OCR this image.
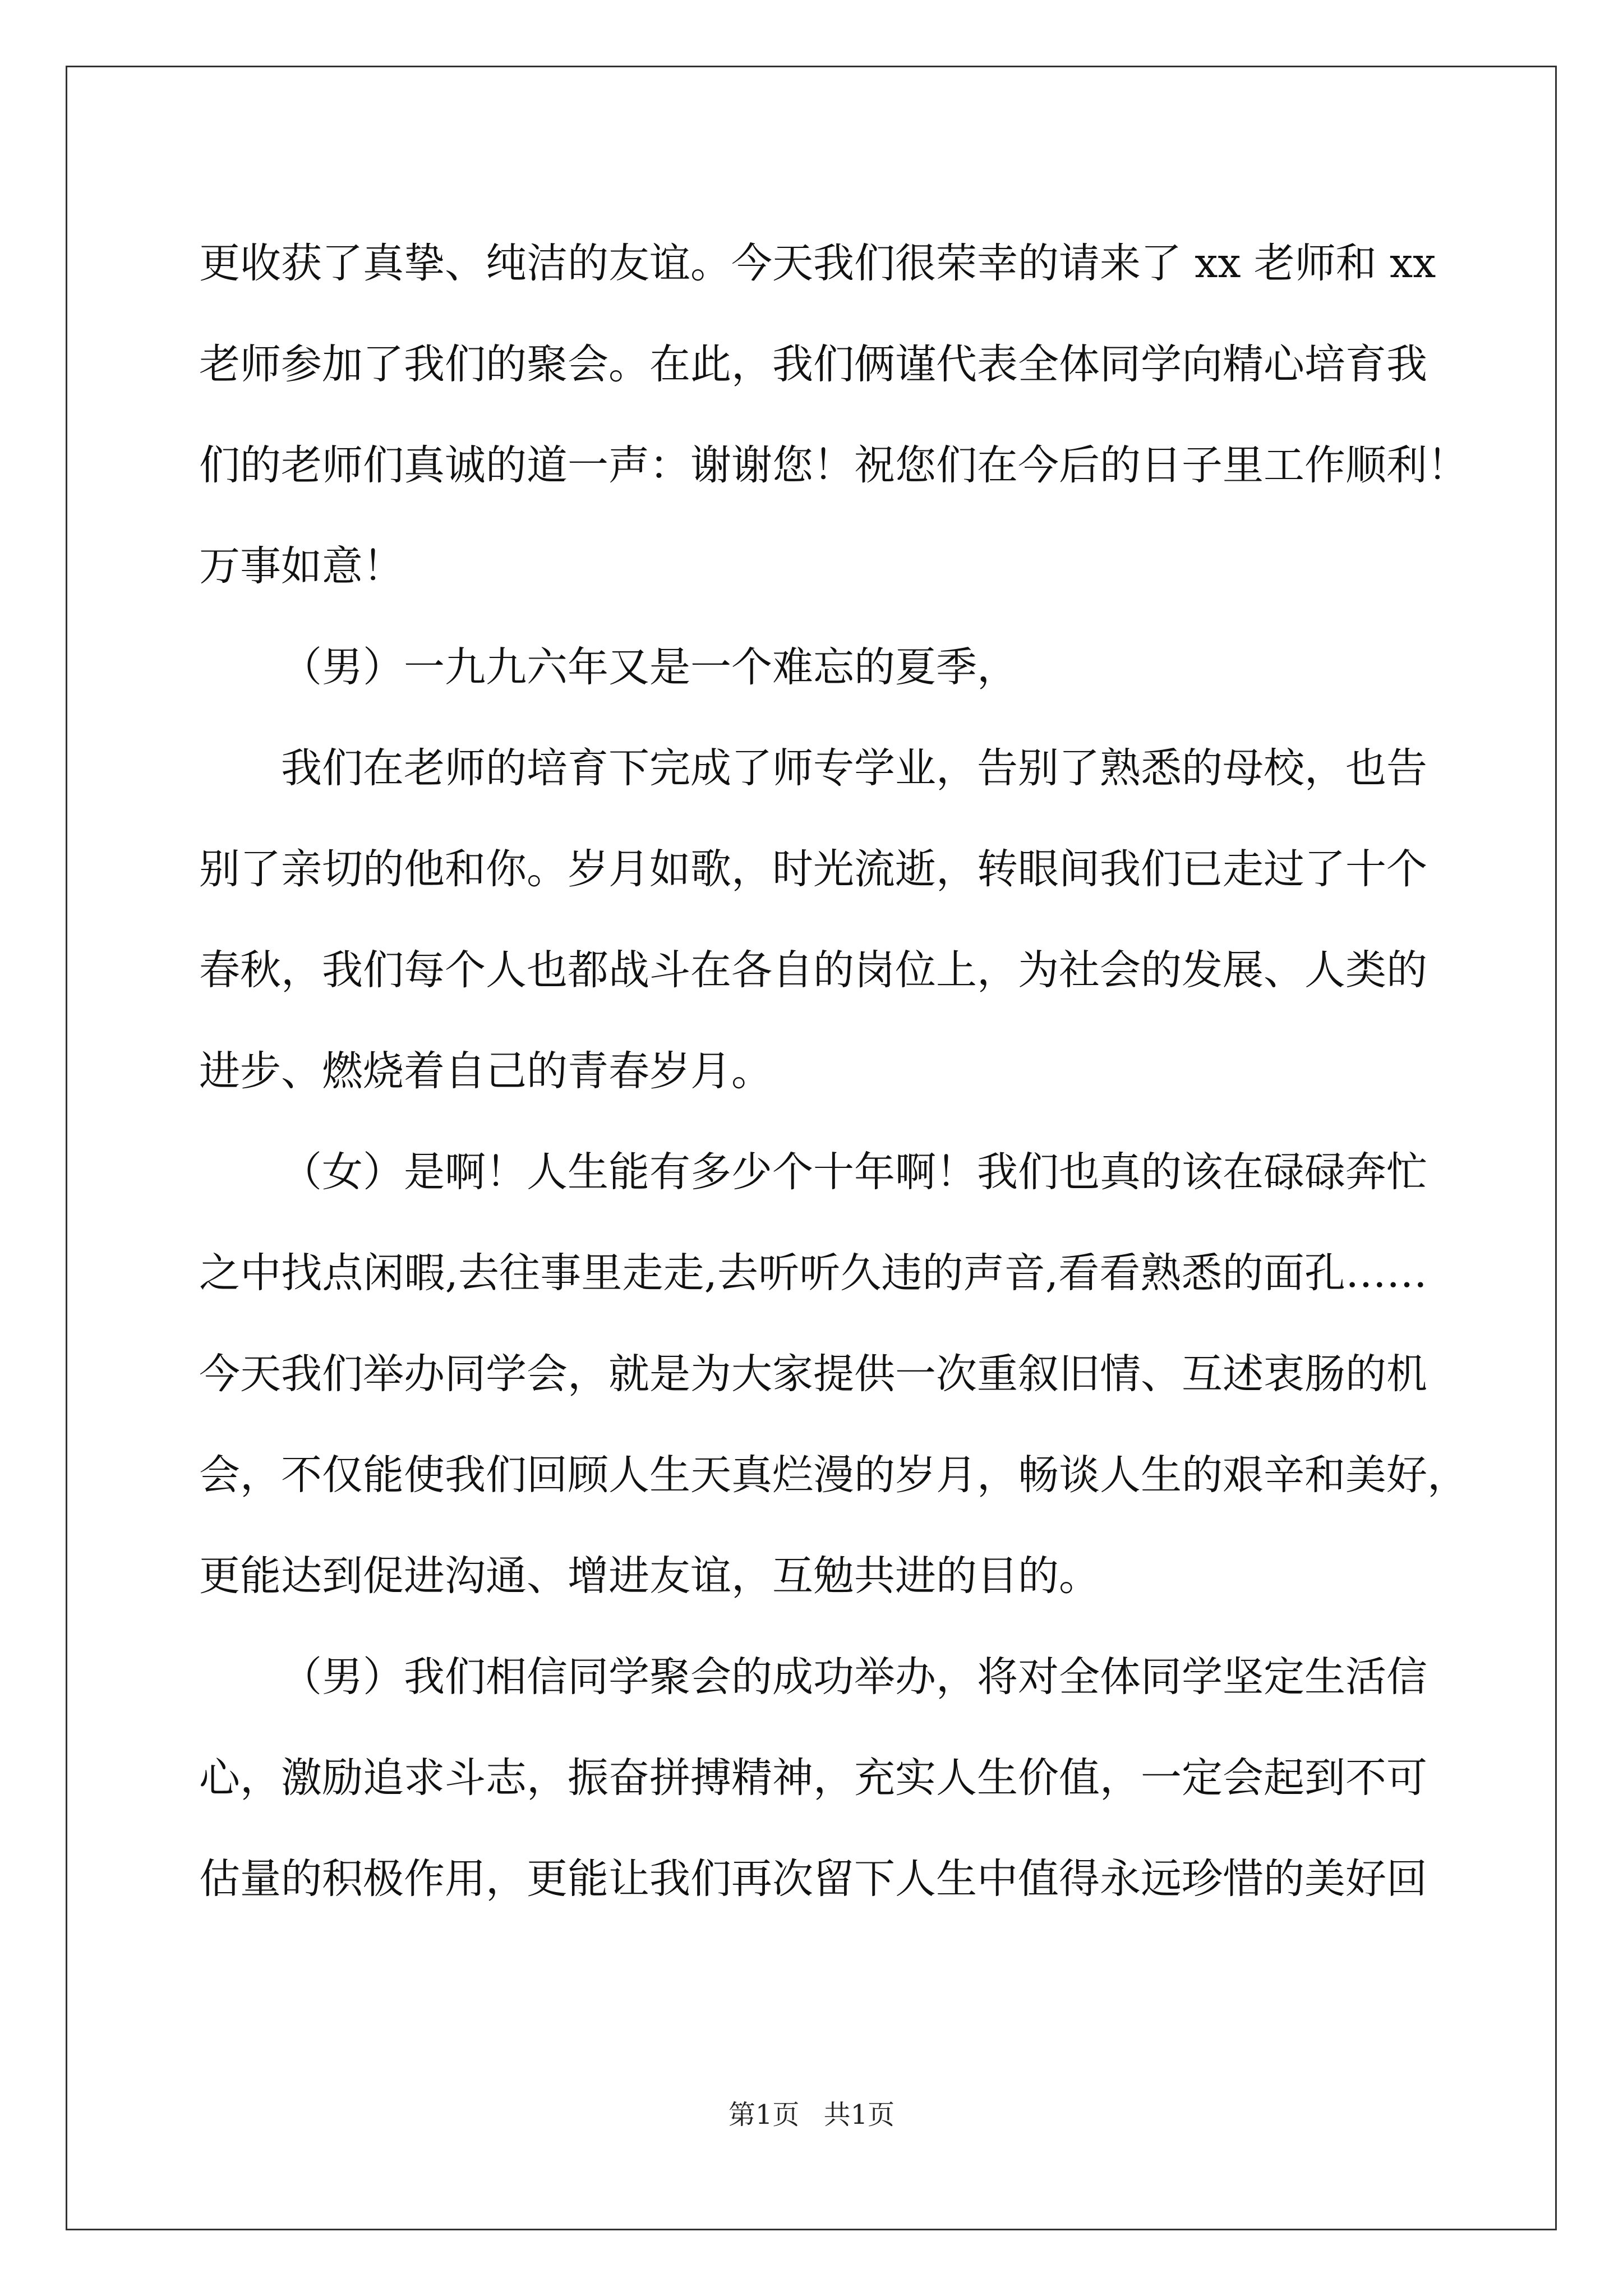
更收获了真挚、纯洁的友谊。今天我们很荣幸的请来了 xx 老师和 xx
老师参加了我们的聚会。在此，我们俩谨代表全体同学向精心培育我
们的老师们真诚的道一声：谢谢您！祝您们在今后的日子里工作顺利！
万事如意！
（男）一九九六年又是一个难忘的夏季，
我们在老师的培育下完成了师专学业，告别了熟悉的母校，也告
别了亲切的他和你。岁月如歌，时光流逝，转眼间我们已走过了十个
春秋，我们每个人也都战斗在各自的岗位上，为社会的发展、人类的
进步、燃烧着自己的青春岁月。
（女）是啊！人生能有多少个十年啊！我们也真的该在碌碌奔忙
之中找点闲暇,去往事里走走,去听听久违的声音,看看熟悉的面孔……
今天我们举办同学会，就是为大家提供一次重叙旧情、互述衷肠的机
会，不仅能使我们回顾人生天真烂漫的岁月，畅谈人生的艰辛和美好，
更能达到促进沟通、增进友谊，互勉共进的目的。
（男）我们相信同学聚会的成功举办，将对全体同学坚定生活信
心，激励追求斗志，振奋拼搏精神，充实人生价值，一定会起到不可
估量的积极作用，更能让我们再次留下人生中值得永远珍惜的美好回
第1页 共1页
